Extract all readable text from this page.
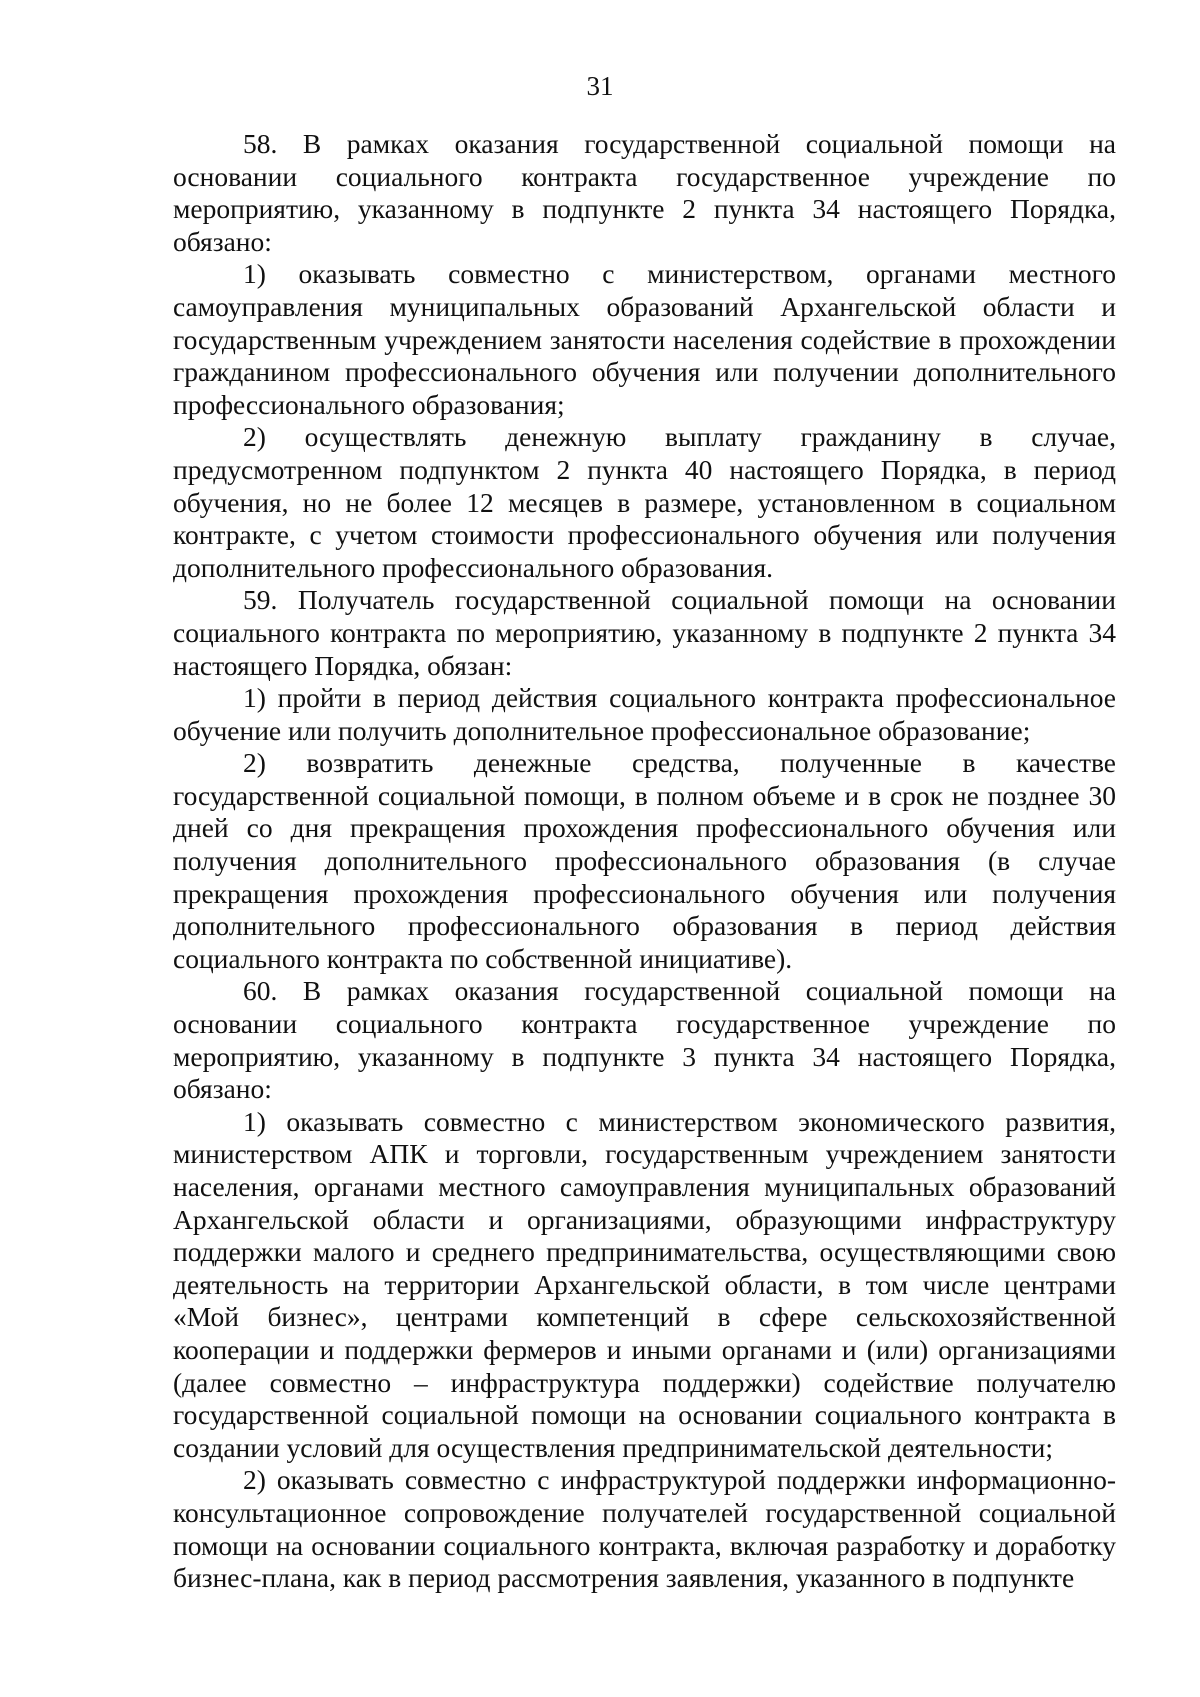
31

58. В рамках оказания государственной социальной помощи на основании социального контракта государственное учреждение по мероприятию, указанному в подпункте 2 пункта 34 настоящего Порядка, обязано:

1) оказывать совместно с министерством, органами местного самоуправления муниципальных образований Архангельской области и государственным учреждением занятости населения содействие в прохождении гражданином профессионального обучения или получении дополнительного профессионального образования;

2) осуществлять денежную выплату гражданину в случае, предусмотренном подпунктом 2 пункта 40 настоящего Порядка, в период обучения, но не более 12 месяцев в размере, установленном в социальном контракте, с учетом стоимости профессионального обучения или получения дополнительного профессионального образования.

59. Получатель государственной социальной помощи на основании социального контракта по мероприятию, указанному в подпункте 2 пункта 34 настоящего Порядка, обязан:

1) пройти в период действия социального контракта профессиональное обучение или получить дополнительное профессиональное образование;

2) возвратить денежные средства, полученные в качестве государственной социальной помощи, в полном объеме и в срок не позднее 30 дней со дня прекращения прохождения профессионального обучения или получения дополнительного профессионального образования (в случае прекращения прохождения профессионального обучения или получения дополнительного профессионального образования в период действия социального контракта по собственной инициативе).

60. В рамках оказания государственной социальной помощи на основании социального контракта государственное учреждение по мероприятию, указанному в подпункте 3 пункта 34 настоящего Порядка, обязано:

1) оказывать совместно с министерством экономического развития, министерством АПК и торговли, государственным учреждением занятости населения, органами местного самоуправления муниципальных образований Архангельской области и организациями, образующими инфраструктуру поддержки малого и среднего предпринимательства, осуществляющими свою деятельность на территории Архангельской области, в том числе центрами «Мой бизнес», центрами компетенций в сфере сельскохозяйственной кооперации и поддержки фермеров и иными органами и (или) организациями (далее совместно – инфраструктура поддержки) содействие получателю государственной социальной помощи на основании социального контракта в создании условий для осуществления предпринимательской деятельности;

2) оказывать совместно с инфраструктурой поддержки информационно-консультационное сопровождение получателей государственной социальной помощи на основании социального контракта, включая разработку и доработку бизнес-плана, как в период рассмотрения заявления, указанного в подпункте
